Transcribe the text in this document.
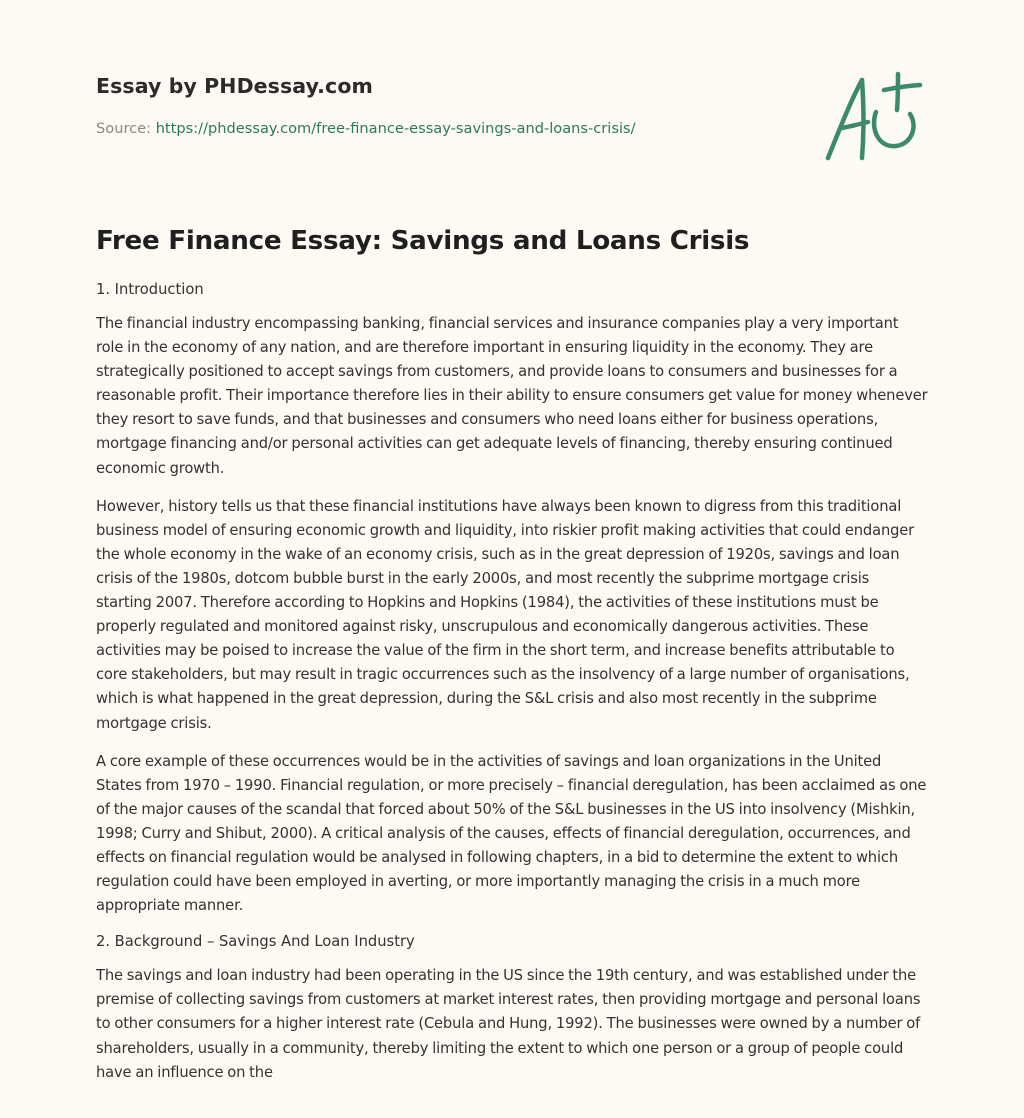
Essay by PHDessay.com
Source: https://phdessay.com/free-finance-essay-savings-and-loans-crisis/
Free Finance Essay: Savings and Loans Crisis
1. Introduction

The financial industry encompassing banking, financial services and insurance companies play a very important role in the economy of any nation, and are therefore important in ensuring liquidity in the economy. They are strategically positioned to accept savings from customers, and provide loans to consumers and businesses for a reasonable profit. Their importance therefore lies in their ability to ensure consumers get value for money whenever they resort to save funds, and that businesses and consumers who need loans either for business operations, mortgage financing and/or personal activities can get adequate levels of financing, thereby ensuring continued economic growth.

However, history tells us that these financial institutions have always been known to digress from this traditional business model of ensuring economic growth and liquidity, into riskier profit making activities that could endanger the whole economy in the wake of an economy crisis, such as in the great depression of 1920s, savings and loan crisis of the 1980s, dotcom bubble burst in the early 2000s, and most recently the subprime mortgage crisis starting 2007. Therefore according to Hopkins and Hopkins (1984), the activities of these institutions must be properly regulated and monitored against risky, unscrupulous and economically dangerous activities. These activities may be poised to increase the value of the firm in the short term, and increase benefits attributable to core stakeholders, but may result in tragic occurrences such as the insolvency of a large number of organisations, which is what happened in the great depression, during the S&L crisis and also most recently in the subprime mortgage crisis.

A core example of these occurrences would be in the activities of savings and loan organizations in the United States from 1970 – 1990. Financial regulation, or more precisely – financial deregulation, has been acclaimed as one of the major causes of the scandal that forced about 50% of the S&L businesses in the US into insolvency (Mishkin, 1998; Curry and Shibut, 2000). A critical analysis of the causes, effects of financial deregulation, occurrences, and effects on financial regulation would be analysed in following chapters, in a bid to determine the extent to which regulation could have been employed in averting, or more importantly managing the crisis in a much more appropriate manner.

2. Background – Savings And Loan Industry

The savings and loan industry had been operating in the US since the 19th century, and was established under the premise of collecting savings from customers at market interest rates, then providing mortgage and personal loans to other consumers for a higher interest rate (Cebula and Hung, 1992). The businesses were owned by a number of shareholders, usually in a community, thereby limiting the extent to which one person or a group of people could have an influence on the
